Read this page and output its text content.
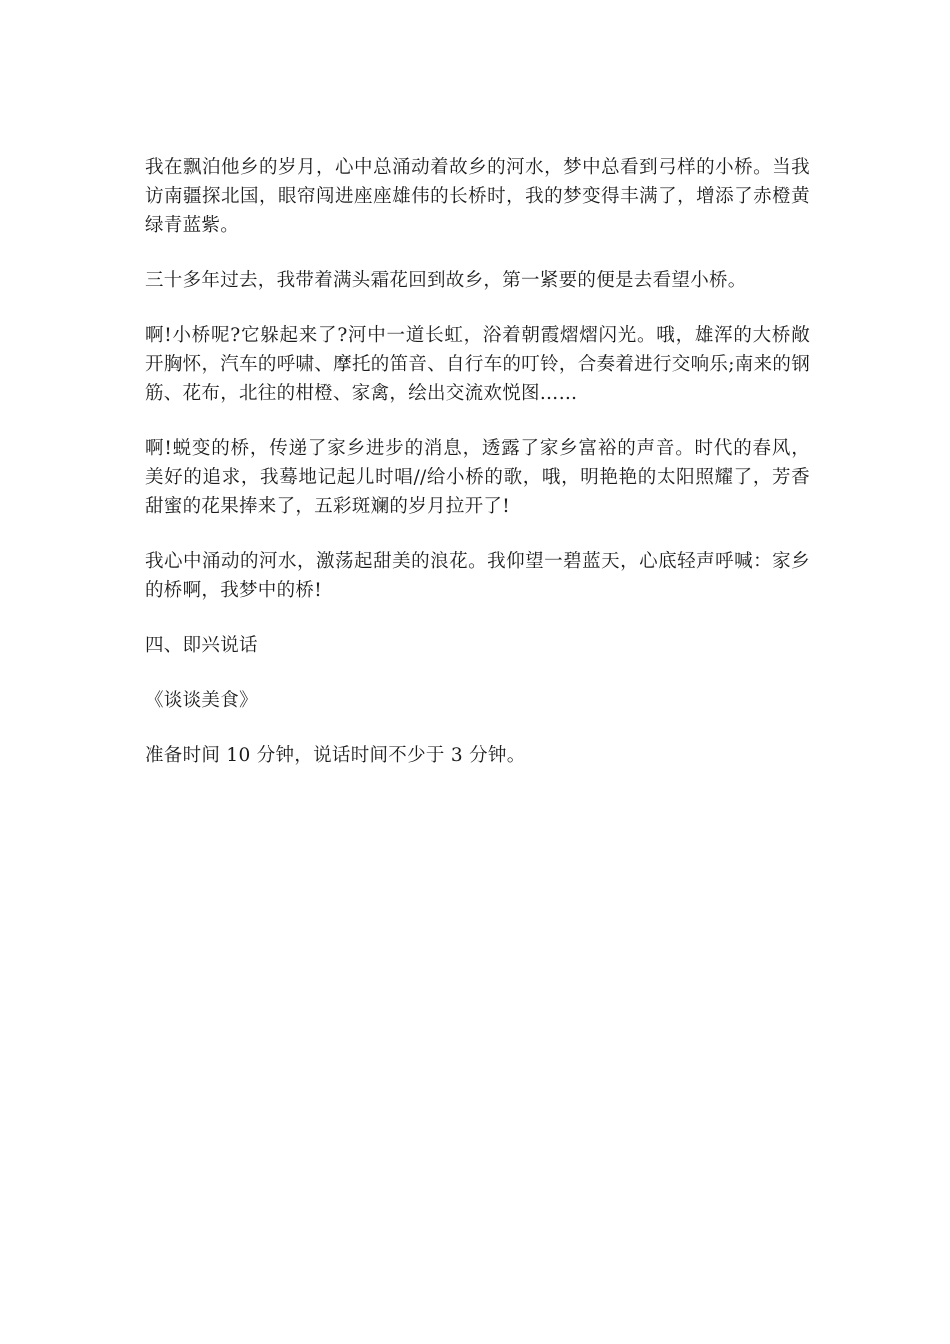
我在飘泊他乡的岁月，心中总涌动着故乡的河水，梦中总看到弓样的小桥。当我访南疆探北国，眼帘闯进座座雄伟的长桥时，我的梦变得丰满了，增添了赤橙黄绿青蓝紫。

三十多年过去，我带着满头霜花回到故乡，第一紧要的便是去看望小桥。

啊!小桥呢?它躲起来了?河中一道长虹，浴着朝霞熠熠闪光。哦，雄浑的大桥敞开胸怀，汽车的呼啸、摩托的笛音、自行车的叮铃，合奏着进行交响乐;南来的钢筋、花布，北往的柑橙、家禽，绘出交流欢悦图……

啊!蜕变的桥，传递了家乡进步的消息，透露了家乡富裕的声音。时代的春风，美好的追求，我蓦地记起儿时唱//给小桥的歌，哦，明艳艳的太阳照耀了，芳香甜蜜的花果捧来了，五彩斑斓的岁月拉开了!

我心中涌动的河水，激荡起甜美的浪花。我仰望一碧蓝天，心底轻声呼喊：家乡的桥啊，我梦中的桥!

四、即兴说话

《谈谈美食》

准备时间 10 分钟，说话时间不少于 3 分钟。
